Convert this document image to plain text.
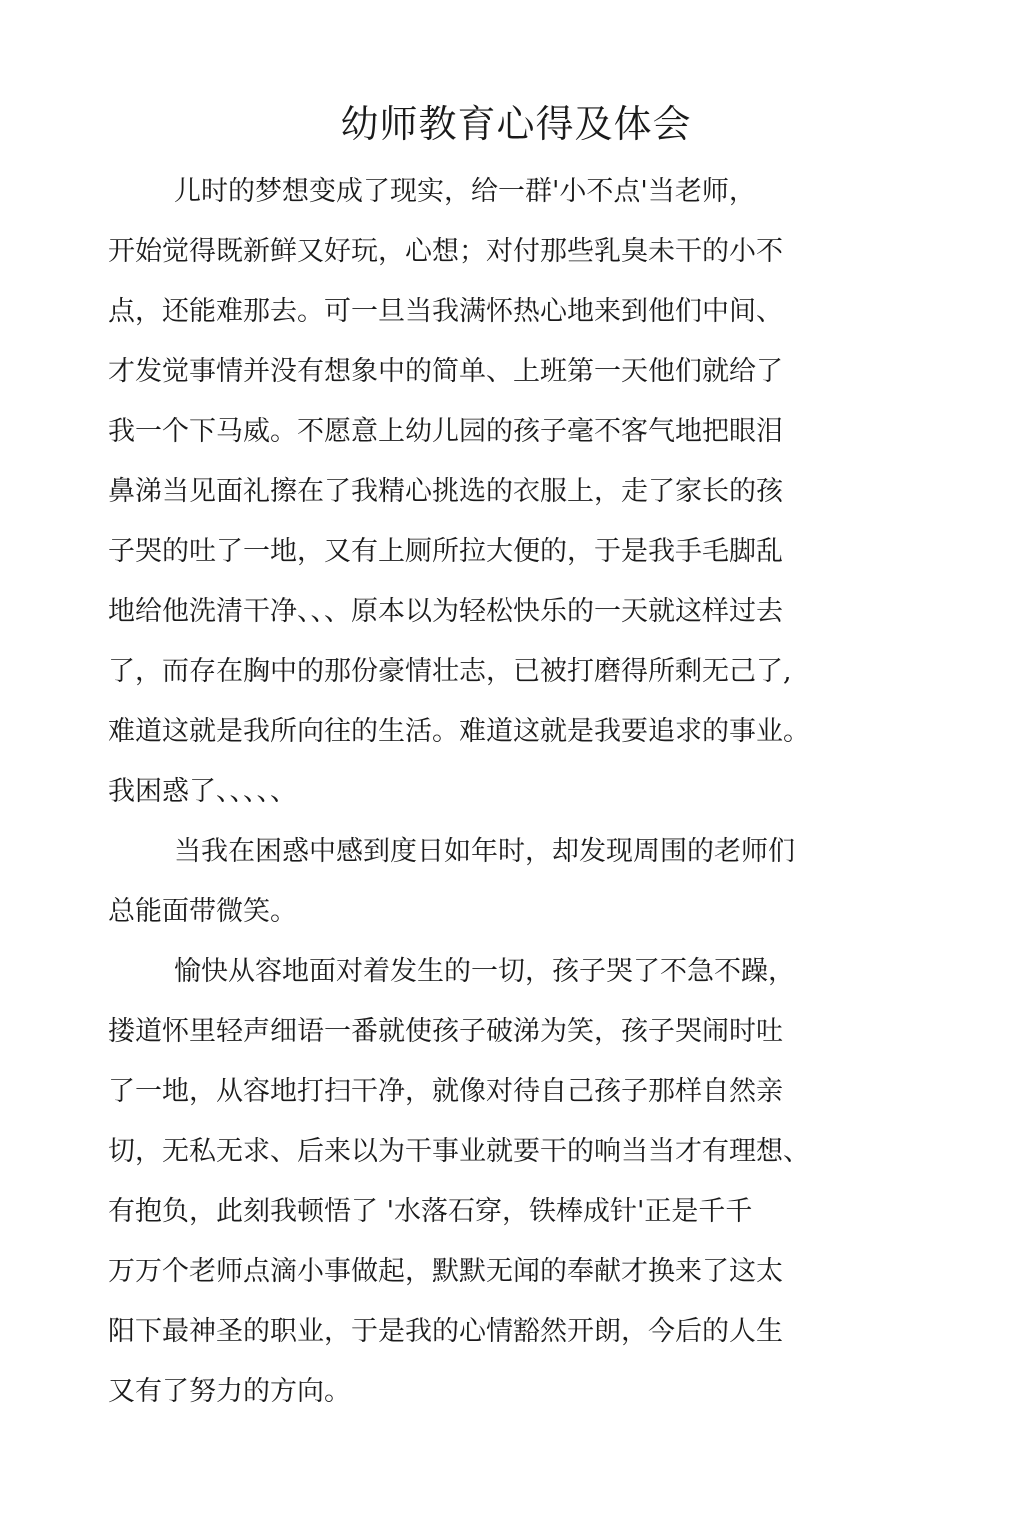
幼师教育心得及体会
儿时的梦想变成了现实，给一群'小不点'当老师，
开始觉得既新鲜又好玩，心想；对付那些乳臭未干的小不
点，还能难那去。可一旦当我满怀热心地来到他们中间、
才发觉事情并没有想象中的简单、上班第一天他们就给了
我一个下马威。不愿意上幼儿园的孩子毫不客气地把眼泪
鼻涕当见面礼擦在了我精心挑选的衣服上，走了家长的孩
子哭的吐了一地，又有上厕所拉大便的，于是我手毛脚乱
地给他洗清干净、、、原本以为轻松快乐的一天就这样过去
了，而存在胸中的那份豪情壮志，已被打磨得所剩无己了,
难道这就是我所向往的生活。难道这就是我要追求的事业。
我困惑了、、、、、
当我在困惑中感到度日如年时，却发现周围的老师们
总能面带微笑。
愉快从容地面对着发生的一切，孩子哭了不急不躁，
搂道怀里轻声细语一番就使孩子破涕为笑，孩子哭闹时吐
了一地，从容地打扫干净，就像对待自己孩子那样自然亲
切，无私无求、后来以为干事业就要干的响当当才有理想、
有抱负，此刻我顿悟了 '水落石穿，铁棒成针'正是千千
万万个老师点滴小事做起，默默无闻的奉献才换来了这太
阳下最神圣的职业，于是我的心情豁然开朗，今后的人生
又有了努力的方向。
